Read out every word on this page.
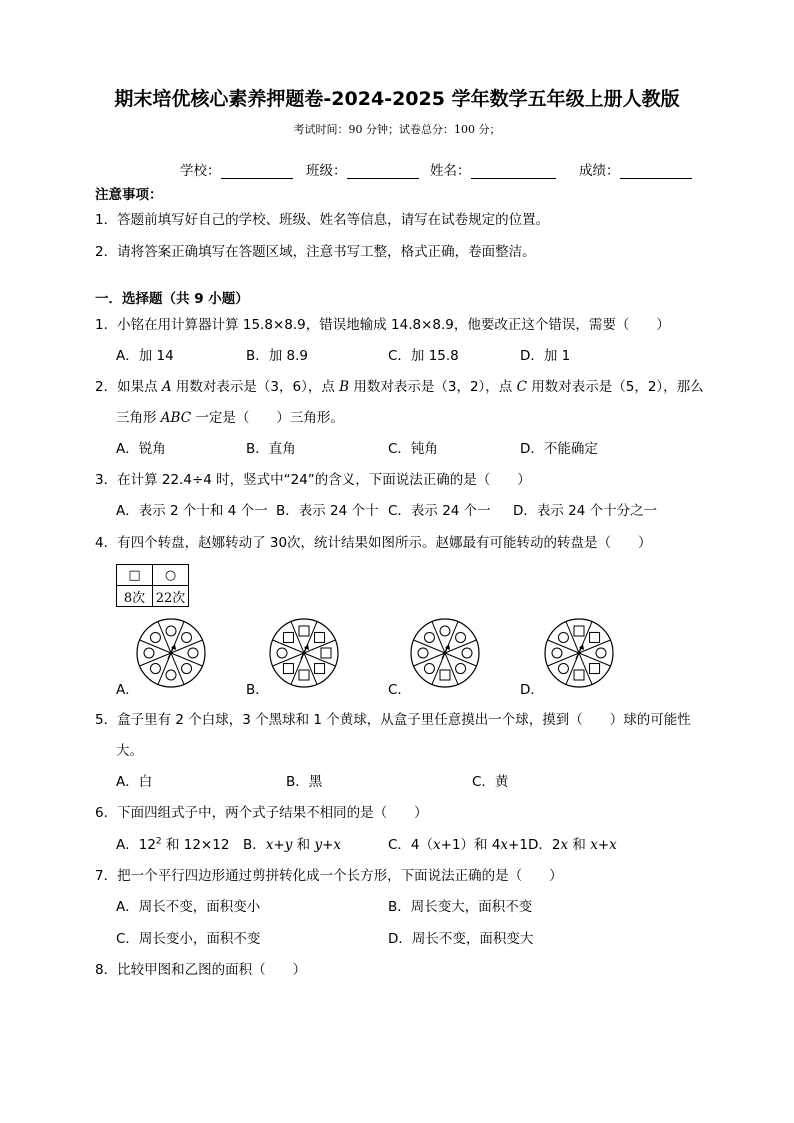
期末培优核心素养押题卷-2024-2025 学年数学五年级上册人教版
考试时间：90 分钟；试卷总分：100 分；
学校：	班级：	姓名：	成绩：
注意事项：
1．答题前填写好自己的学校、班级、姓名等信息，请写在试卷规定的位置。
2．请将答案正确填写在答题区域，注意书写工整，格式正确，卷面整洁。
一．选择题（共 9 小题）
1．小铭在用计算器计算 15.8×8.9，错误地输成 14.8×8.9，他要改正这个错误，需要（　　）
A．加 14	B．加 8.9	C．加 15.8	D．加 1
2．如果点 A 用数对表示是（3，6），点 B 用数对表示是（3，2），点 C 用数对表示是（5，2），那么
三角形 ABC 一定是（　　）三角形。
A．锐角	B．直角	C．钝角	D．不能确定
3．在计算 22.4÷4 时，竖式中“24”的含义，下面说法正确的是（　　）
A．表示 2 个十和 4 个一 B．表示 24 个十 C．表示 24 个一 D．表示 24 个十分之一
4．有四个转盘，赵娜转动了 30次，统计结果如图所示。赵娜最有可能转动的转盘是（　　）
□	○
8次	22次
A．	B．	C．	D．
5．盒子里有 2 个白球，3 个黑球和 1 个黄球，从盒子里任意摸出一个球，摸到（　　）球的可能性
大。
A．白	B．黑	C．黄
6．下面四组式子中，两个式子结果不相同的是（　　）
A．$12^2$ 和 12×12 B．x+y 和 y+x	C．4（x+1）和 4x+1 D．2x 和 x+x
7．把一个平行四边形通过剪拼转化成一个长方形，下面说法正确的是（　　）
A．周长不变，面积变小	B．周长变大，面积不变
C．周长变小，面积不变	D．周长不变，面积变大
8．比较甲图和乙图的面积（　　）
